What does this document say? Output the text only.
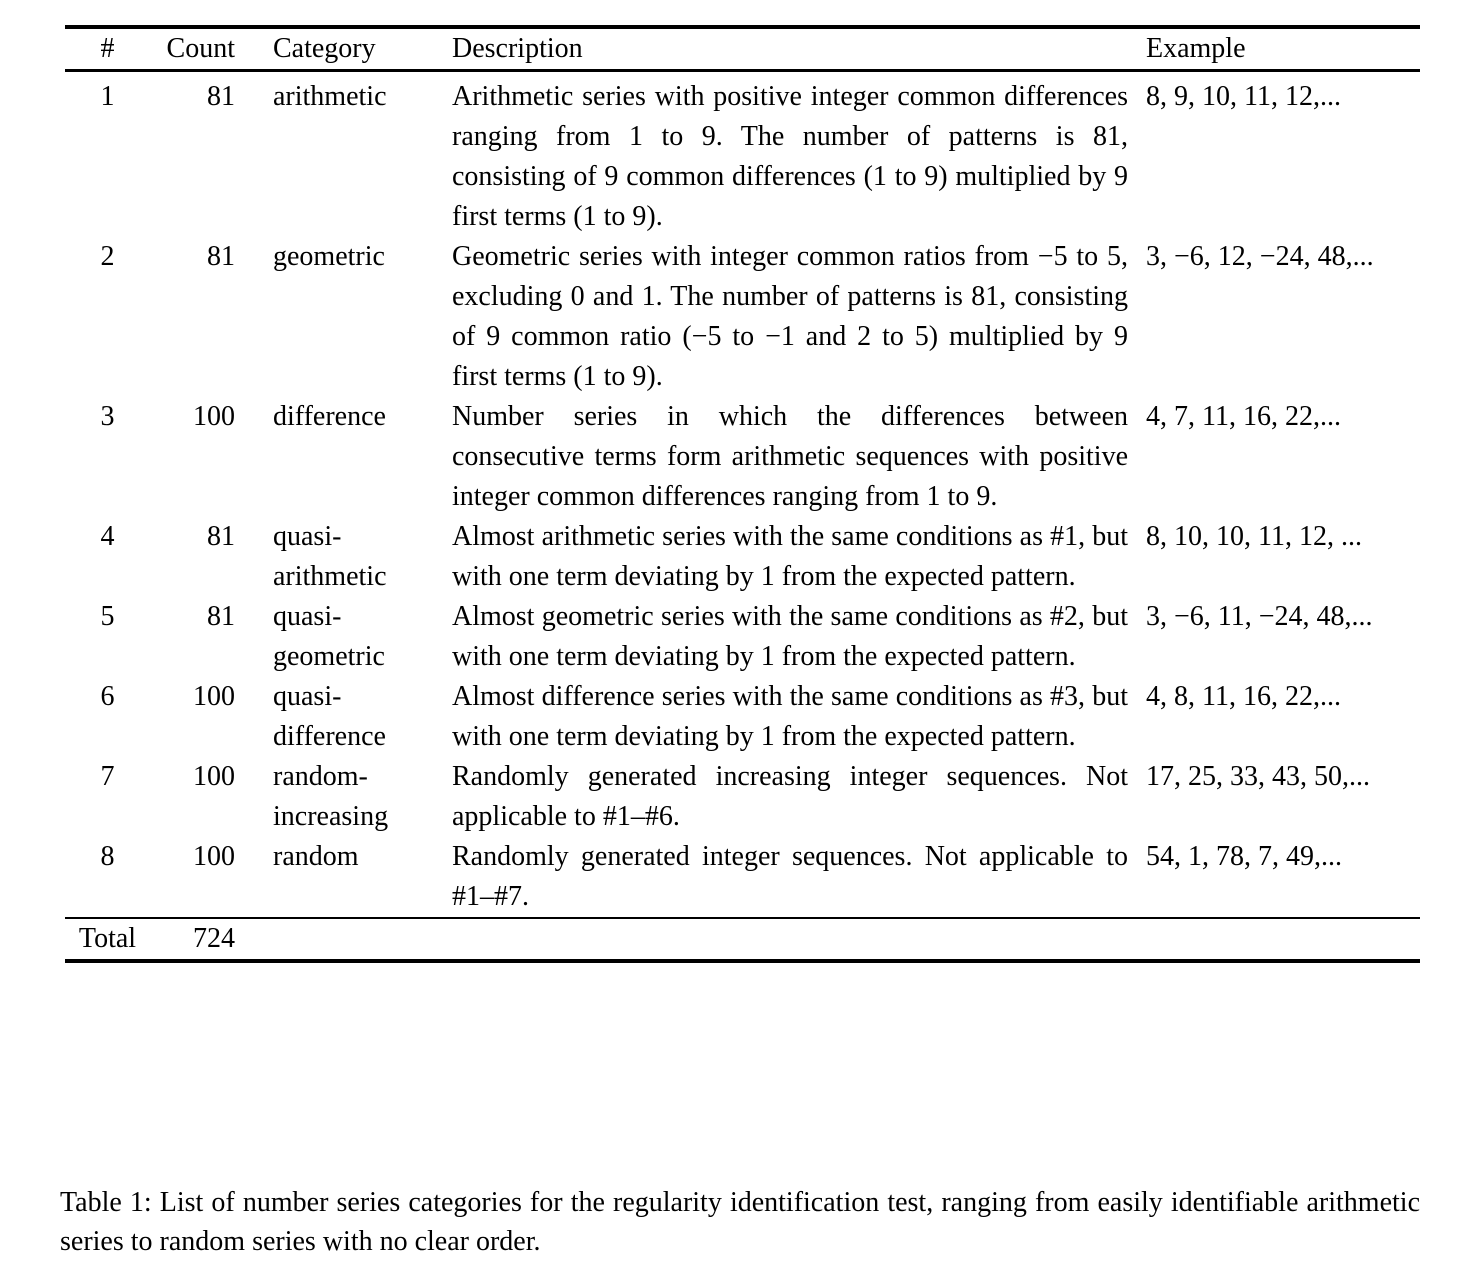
#	Count	Category	Description	Example
1	81	arithmetic	Arithmetic series with positive integer common differences ranging from 1 to 9. The number of patterns is 81, consisting of 9 common differences (1 to 9) multiplied by 9 first terms (1 to 9).	8, 9, 10, 11, 12,...
2	81	geometric	Geometric series with integer common ratios from −5 to 5, excluding 0 and 1. The number of patterns is 81, consisting of 9 common ratio (−5 to −1 and 2 to 5) multiplied by 9 first terms (1 to 9).	3, −6, 12, −24, 48,...
3	100	difference	Number series in which the differences between consecutive terms form arithmetic sequences with positive integer common differences ranging from 1 to 9.	4, 7, 11, 16, 22,...
4	81	quasi-arithmetic	Almost arithmetic series with the same conditions as #1, but with one term deviating by 1 from the expected pattern.	8, 10, 10, 11, 12, ...
5	81	quasi-geometric	Almost geometric series with the same conditions as #2, but with one term deviating by 1 from the expected pattern.	3, −6, 11, −24, 48,...
6	100	quasi-difference	Almost difference series with the same conditions as #3, but with one term deviating by 1 from the expected pattern.	4, 8, 11, 16, 22,...
7	100	random-increasing	Randomly generated increasing integer sequences. Not applicable to #1–#6.	17, 25, 33, 43, 50,...
8	100	random	Randomly generated integer sequences. Not applicable to #1–#7.	54, 1, 78, 7, 49,...
Total	724			
Table 1: List of number series categories for the regularity identification test, ranging from easily identifiable arithmetic series to random series with no clear order.
